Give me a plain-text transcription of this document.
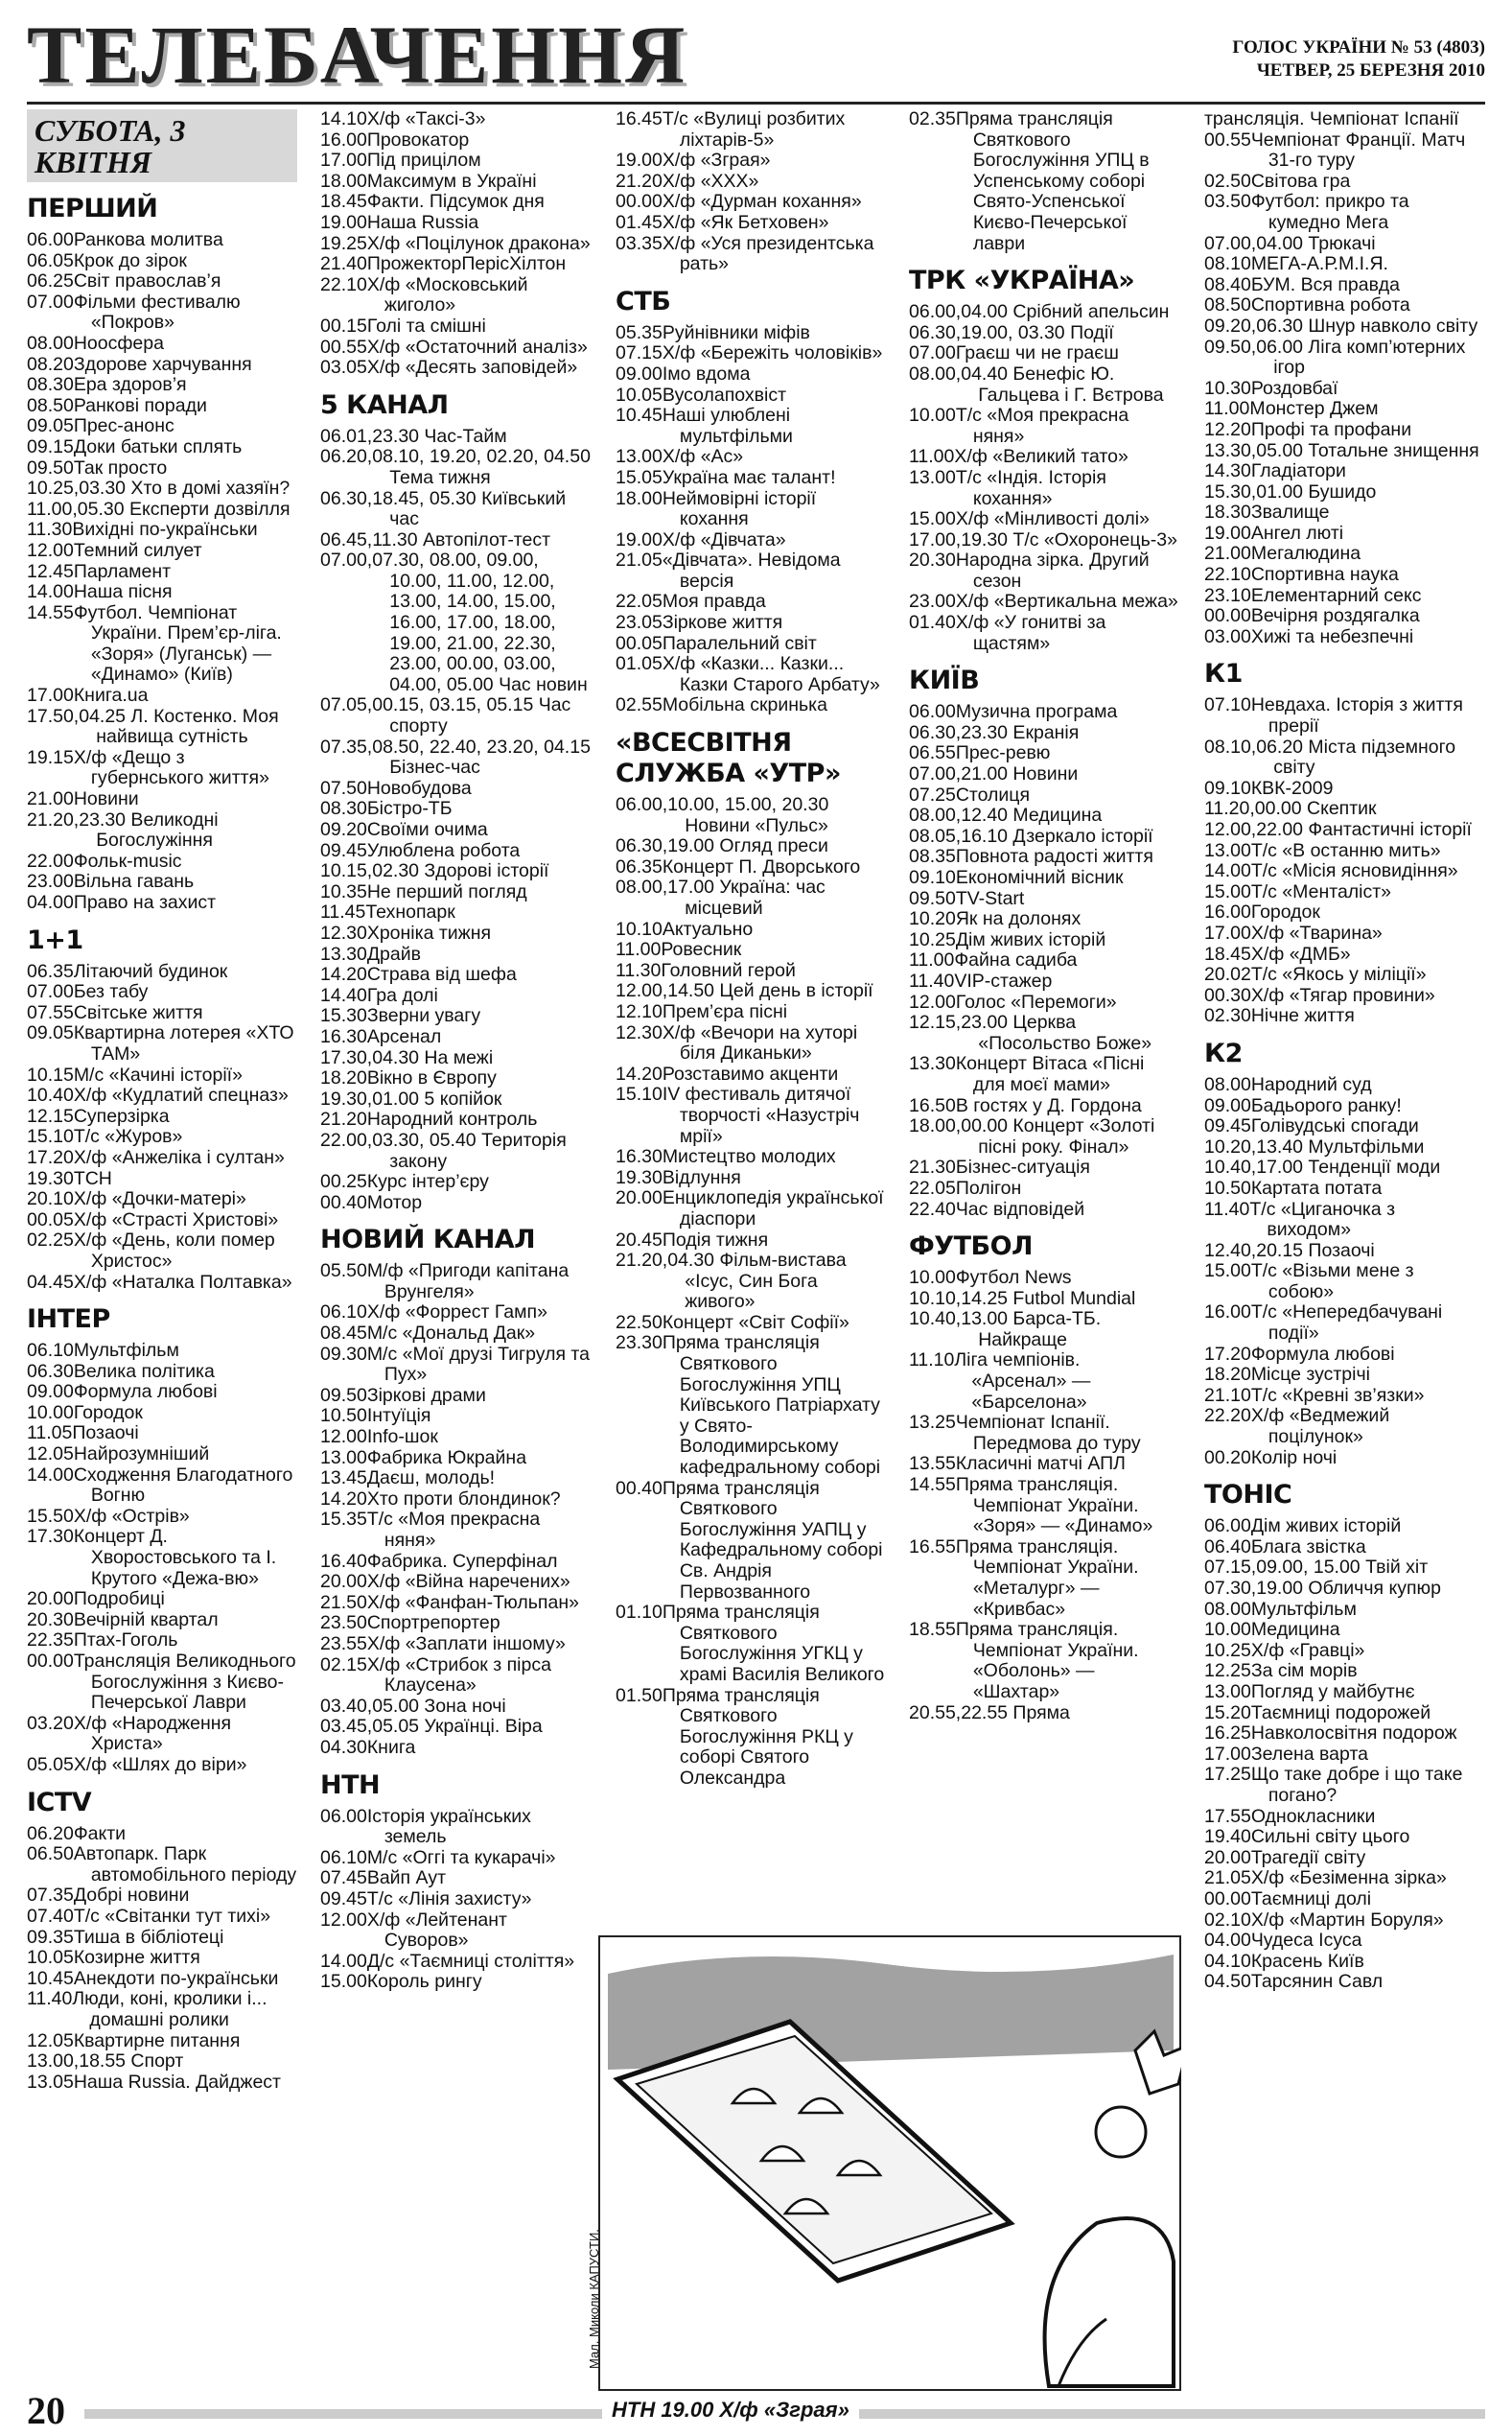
ТЕЛЕБАЧЕННЯ	ГОЛОС УКРАЇНИ № 53 (4803)
ЧЕТВЕР, 25 БЕРЕЗНЯ 2010
СУБОТА, 3 КВІТНЯ
ПЕРШИЙ
06.00 Ранкова молитва
06.05 Крок до зірок
06.25 Світ православ’я
07.00 Фільми фестивалю «Покров»
08.00 Ноосфера
08.20 Здорове харчування
08.30 Ера здоров’я
08.50 Ранкові поради
09.05 Прес-анонс
09.15 Доки батьки сплять
09.50 Так просто
10.25, 03.30 Хто в домі хазяїн?
11.00, 05.30 Експерти дозвілля
11.30 Вихідні по-українськи
12.00 Темний силует
12.45 Парламент
14.00 Наша пісня
14.55 Футбол. Чемпіонат України. Прем’єр-ліга. «Зоря» (Луганськ) — «Динамо» (Київ)
17.00 Книга.ua
17.50, 04.25 Л. Костенко. Моя найвища сутність
19.15 Х/ф «Дещо з губернського життя»
21.00 Новини
21.20, 23.30 Великодні Богослужіння
22.00 Фольк-music
23.00 Вільна гавань
04.00 Право на захист
1+1
06.35 Літаючий будинок
07.00 Без табу
07.55 Світське життя
09.05 Квартирна лотерея «ХТО ТАМ»
10.15 М/с «Качині історії»
10.40 Х/ф «Кудлатий спецназ»
12.15 Суперзірка
15.10 Т/с «Журов»
17.20 Х/ф «Анжеліка і султан»
19.30 ТСН
20.10 Х/ф «Дочки-матері»
00.05 Х/ф «Страсті Христові»
02.25 Х/ф «День, коли помер Христос»
04.45 Х/ф «Наталка Полтавка»
ІНТЕР
06.10 Мультфільм
06.30 Велика політика
09.00 Формула любові
10.00 Городок
11.05 Позаочі
12.05 Найрозумніший
14.00 Сходження Благодатного Вогню
15.50 Х/ф «Острів»
17.30 Концерт Д. Хворостовського та І. Крутого «Дежа-вю»
20.00 Подробиці
20.30 Вечірній квартал
22.35 Птах-Гоголь
00.00 Трансляція Великоднього Богослужіння з Києво-Печерської Лаври
03.20 Х/ф «Народження Христа»
05.05 Х/ф «Шлях до віри»
ICTV
06.20 Факти
06.50 Автопарк. Парк автомобільного періоду
07.35 Добрі новини
07.40 Т/с «Світанки тут тихі»
09.35 Тиша в бібліотеці
10.05 Козирне життя
10.45 Анекдоти по-українськи
11.40 Люди, коні, кролики і... домашні ролики
12.05 Квартирне питання
13.00, 18.55 Спорт
13.05 Наша Russia. Дайджест
14.10 Х/ф «Таксі-3»
16.00 Провокатор
17.00 Під прицілом
18.00 Максимум в Україні
18.45 Факти. Підсумок дня
19.00 Наша Russia
19.25 Х/ф «Поцілунок дракона»
21.40 ПрожекторПерісХілтон
22.10 Х/ф «Московський жиголо»
00.15 Голі та смішні
00.55 Х/ф «Остаточний аналіз»
03.05 Х/ф «Десять заповідей»
5 КАНАЛ
06.01, 23.30 Час-Тайм
06.20, 08.10, 19.20, 02.20, 04.50 Тема тижня
06.30, 18.45, 05.30 Київський час
06.45, 11.30 Автопілот-тест
07.00, 07.30, 08.00, 09.00, 10.00, 11.00, 12.00, 13.00, 14.00, 15.00, 16.00, 17.00, 18.00, 19.00, 21.00, 22.30, 23.00, 00.00, 03.00, 04.00, 05.00 Час новин
07.05, 00.15, 03.15, 05.15 Час спорту
07.35, 08.50, 22.40, 23.20, 04.15 Бізнес-час
07.50 Новобудова
08.30 Бістро-ТБ
09.20 Своїми очима
09.45 Улюблена робота
10.15, 02.30 Здорові історії
10.35 Не перший погляд
11.45 Технопарк
12.30 Хроніка тижня
13.30 Драйв
14.20 Страва від шефа
14.40 Гра долі
15.30 Зверни увагу
16.30 Арсенал
17.30, 04.30 На межі
18.20 Вікно в Європу
19.30, 01.00 5 копійок
21.20 Народний контроль
22.00, 03.30, 05.40 Територія закону
00.25 Курс інтер’єру
00.40 Мотор
НОВИЙ КАНАЛ
05.50 М/ф «Пригоди капітана Врунгеля»
06.10 Х/ф «Форрест Гамп»
08.45 М/с «Дональд Дак»
09.30 М/с «Мої друзі Тигруля та Пух»
09.50 Зіркові драми
10.50 Інтуїція
12.00 Info-шок
13.00 Фабрика Юкрайна
13.45 Даєш, молодь!
14.20 Хто проти блондинок?
15.35 Т/с «Моя прекрасна няня»
16.40 Фабрика. Суперфінал
20.00 Х/ф «Війна наречених»
21.50 Х/ф «Фанфан-Тюльпан»
23.50 Спортрепортер
23.55 Х/ф «Заплати іншому»
02.15 Х/ф «Стрибок з пірса Клаусена»
03.40, 05.00 Зона ночі
03.45, 05.05 Українці. Віра
04.30 Книга
НТН
06.00 Історія українських земель
06.10 М/с «Оггі та кукарачі»
07.45 Вайп Аут
09.45 Т/с «Лінія захисту»
12.00 Х/ф «Лейтенант Суворов»
14.00 Д/с «Таємниці століття»
15.00 Король рингу
16.45 Т/с «Вулиці розбитих ліхтарів-5»
19.00 Х/ф «Зграя»
21.20 Х/ф «ХХХ»
00.00 Х/ф «Дурман кохання»
01.45 Х/ф «Як Бетховен»
03.35 Х/ф «Уся президентська рать»
СТБ
05.35 Руйнівники міфів
07.15 Х/ф «Бережіть чоловіків»
09.00 Імо вдома
10.05 Вусолапохвіст
10.45 Наші улюблені мультфільми
13.00 Х/ф «Ас»
15.05 Україна має талант!
18.00 Неймовірні історії кохання
19.00 Х/ф «Дівчата»
21.05 «Дівчата». Невідома версія
22.05 Моя правда
23.05 Зіркове життя
00.05 Паралельний світ
01.05 Х/ф «Казки... Казки... Казки Старого Арбату»
02.55 Мобільна скринька
«ВСЕСВІТНЯ СЛУЖБА «УТР»
06.00, 10.00, 15.00, 20.30 Новини «Пульс»
06.30, 19.00 Огляд преси
06.35 Концерт П. Дворського
08.00, 17.00 Україна: час місцевий
10.10 Актуально
11.00 Ровесник
11.30 Головний герой
12.00, 14.50 Цей день в історії
12.10 Прем’єра пісні
12.30 Х/ф «Вечори на хуторі біля Диканьки»
14.20 Розставимо акценти
15.10 IV фестиваль дитячої творчості «Назустріч мрії»
16.30 Мистецтво молодих
19.30 Відлуння
20.00 Енциклопедія української діаспори
20.45 Подія тижня
21.20, 04.30 Фільм-вистава «Ісус, Син Бога живого»
22.50 Концерт «Світ Софії»
23.30 Пряма трансляція Святкового Богослужіння УПЦ Київського Патріархату у Свято-Володимирському кафедральному соборі
00.40 Пряма трансляція Святкового Богослужіння УАПЦ у Кафедральному соборі Св. Андрія Первозванного
01.10 Пряма трансляція Святкового Богослужіння УГКЦ у храмі Василія Великого
01.50 Пряма трансляція Святкового Богослужіння РКЦ у соборі Святого Олександра
02.35 Пряма трансляція Святкового Богослужіння УПЦ в Успенському соборі Свято-Успенської Києво-Печерської лаври
ТРК «УКРАЇНА»
06.00, 04.00 Срібний апельсин
06.30, 19.00, 03.30 Події
07.00 Граєш чи не граєш
08.00, 04.40 Бенефіс Ю. Гальцева і Г. Вєтрова
10.00 Т/с «Моя прекрасна няня»
11.00 Х/ф «Великий тато»
13.00 Т/с «Індія. Історія кохання»
15.00 Х/ф «Мінливості долі»
17.00, 19.30 Т/с «Охоронець-3»
20.30 Народна зірка. Другий сезон
23.00 Х/ф «Вертикальна межа»
01.40 Х/ф «У гонитві за щастям»
КИЇВ
06.00 Музична програма
06.30, 23.30 Екранія
06.55 Прес-ревю
07.00, 21.00 Новини
07.25 Столиця
08.00, 12.40 Медицина
08.05, 16.10 Дзеркало історії
08.35 Повнота радості життя
09.10 Економічний вісник
09.50 TV-Start
10.20 Як на долонях
10.25 Дім живих історій
11.00 Файна садиба
11.40 VIP-стажер
12.00 Голос «Перемоги»
12.15, 23.00 Церква «Посольство Боже»
13.30 Концерт Вітаса «Пісні для моєї мами»
16.50 В гостях у Д. Гордона
18.00, 00.00 Концерт «Золоті пісні року. Фінал»
21.30 Бізнес-ситуація
22.05 Полігон
22.40 Час відповідей
ФУТБОЛ
10.00 Футбол News
10.10, 14.25 Futbol Mundial
10.40, 13.00 Барса-ТБ. Найкраще
11.10 Ліга чемпіонів. «Арсенал» — «Барселона»
13.25 Чемпіонат Іспанії. Передмова до туру
13.55 Класичні матчі АПЛ
14.55 Пряма трансляція. Чемпіонат України. «Зоря» — «Динамо»
16.55 Пряма трансляція. Чемпіонат України. «Металург» — «Кривбас»
18.55 Пряма трансляція. Чемпіонат України. «Оболонь» — «Шахтар»
20.55, 22.55 Пряма
трансляція. Чемпіонат Іспанії
00.55 Чемпіонат Франції. Матч 31-го туру
02.50 Світова гра
03.50 Футбол: прикро та кумедно Мега
07.00, 04.00 Трюкачі
08.10 МЕГА-А.Р.М.І.Я.
08.40 БУМ. Вся правда
08.50 Спортивна робота
09.20, 06.30 Шнур навколо світу
09.50, 06.00 Ліга комп’ютерних ігор
10.30 Роздовбаї
11.00 Монстер Джем
12.20 Профі та профани
13.30, 05.00 Тотальне знищення
14.30 Гладіатори
15.30, 01.00 Бушидо
18.30 Звалище
19.00 Ангел люті
21.00 Мегалюдина
22.10 Спортивна наука
23.10 Елементарний секс
00.00 Вечірня роздягалка
03.00 Хижі та небезпечні
К1
07.10 Невдаха. Історія з життя прерії
08.10, 06.20 Міста підземного світу
09.10 КВК-2009
11.20, 00.00 Скептик
12.00, 22.00 Фантастичні історії
13.00 Т/с «В останню мить»
14.00 Т/с «Місія ясновидіння»
15.00 Т/с «Менталіст»
16.00 Городок
17.00 Х/ф «Тварина»
18.45 Х/ф «ДМБ»
20.02 Т/с «Якось у міліції»
00.30 Х/ф «Тягар провини»
02.30 Нічне життя
К2
08.00 Народний суд
09.00 Бадьорого ранку!
09.45 Голівудські спогади
10.20, 13.40 Мультфільми
10.40, 17.00 Тенденції моди
10.50 Картата потата
11.40 Т/с «Циганочка з виходом»
12.40, 20.15 Позаочі
15.00 Т/с «Візьми мене з собою»
16.00 Т/с «Непередбачувані події»
17.20 Формула любові
18.20 Місце зустрічі
21.10 Т/с «Кревні зв’язки»
22.20 Х/ф «Ведмежий поцілунок»
00.20 Колір ночі
ТОНІС
06.00 Дім живих історій
06.40 Блага звістка
07.15, 09.00, 15.00 Твій хіт
07.30, 19.00 Обличчя купюр
08.00 Мультфільм
10.00 Медицина
10.25 Х/ф «Гравці»
12.25 За сім морів
13.00 Погляд у майбутнє
15.20 Таємниці подорожей
16.25 Навколосвітня подорож
17.00 Зелена варта
17.25 Що таке добре і що таке погано?
17.55 Однокласники
19.40 Сильні світу цього
20.00 Трагедії світу
21.05 Х/ф «Безіменна зірка»
00.00 Таємниці долі
02.10 Х/ф «Мартин Боруля»
04.00 Чудеса Ісуса
04.10 Красень Київ
04.50 Тарсянин Савл
Мал. Миколи КАПУСТИ.
20	НТН 19.00 Х/ф «Зграя»
